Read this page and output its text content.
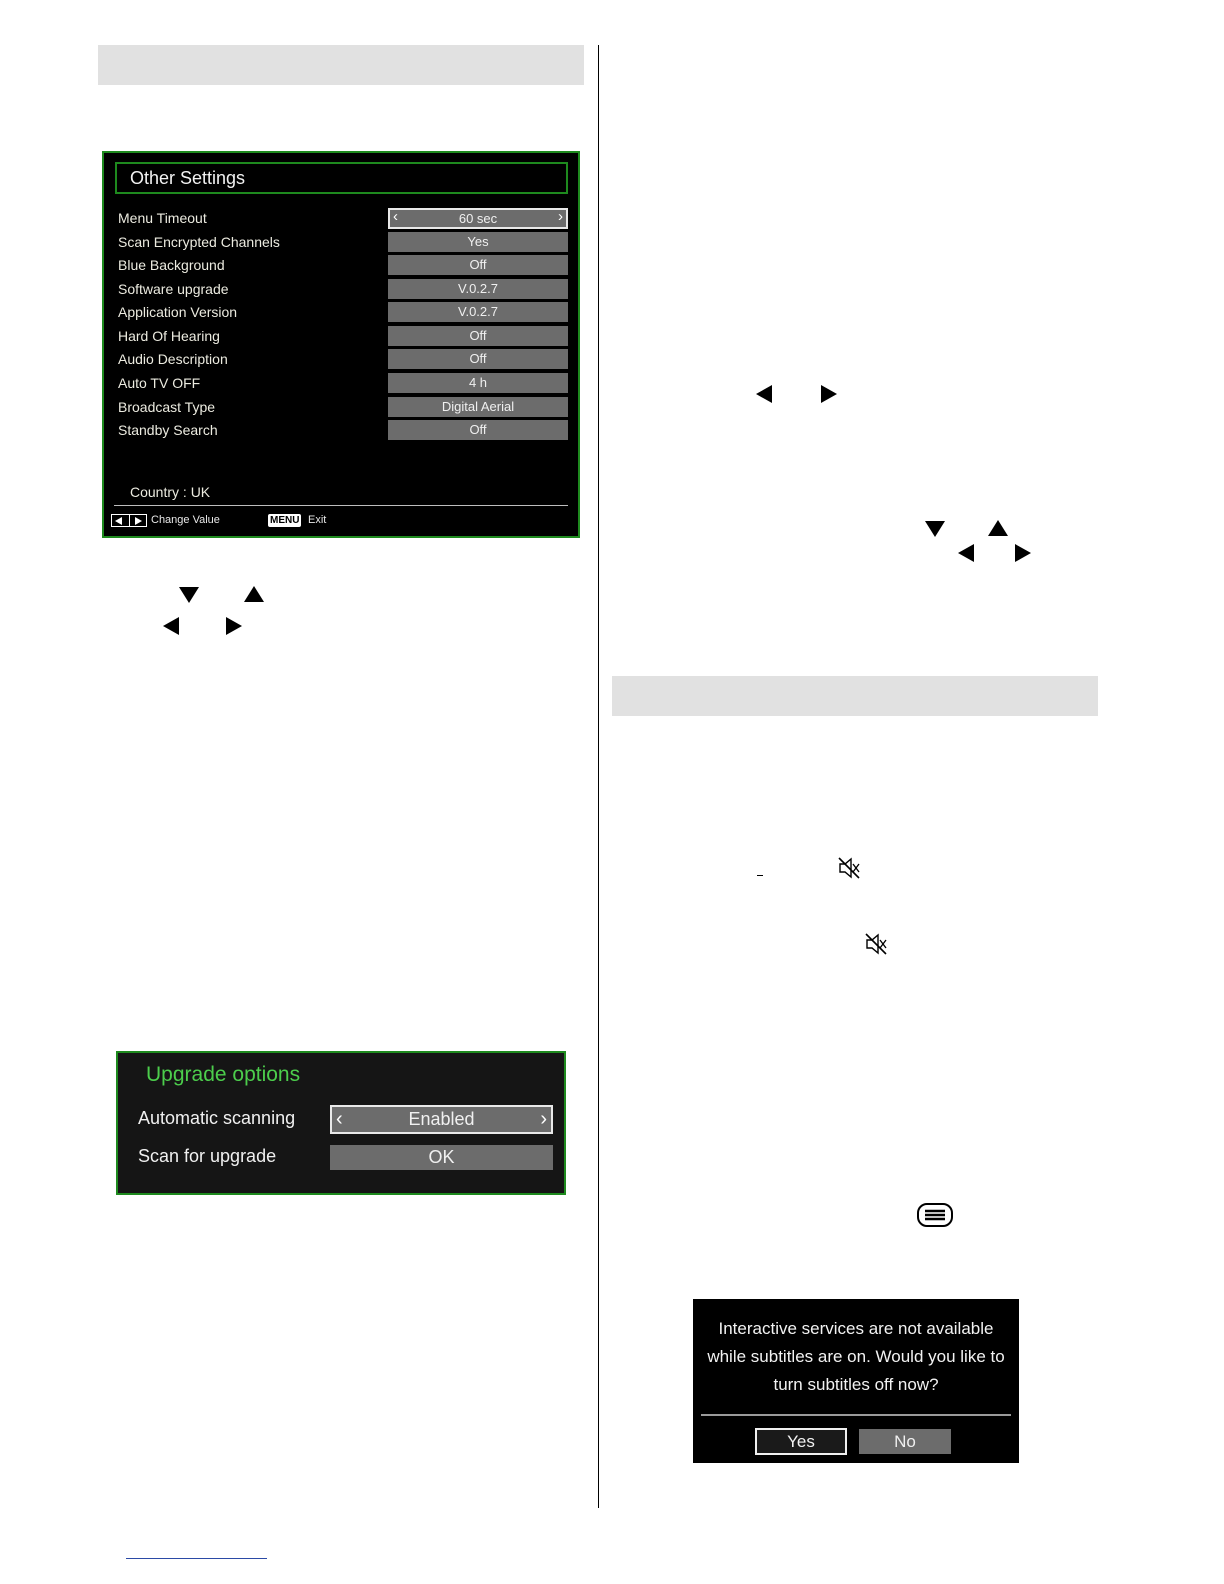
Other Settings
Menu Timeout	‹	60 sec	›
Scan Encrypted Channels	Yes
Blue Background	Off
Software upgrade	V.0.2.7
Application Version	V.0.2.7
Hard Of Hearing	Off
Audio Description	Off
Auto TV OFF	4 h
Broadcast Type	Digital Aerial
Standby Search	Off
Country : UK
Change Value	MENU Exit
Upgrade options
Automatic scanning ‹	Enabled	›
Scan for upgrade	OK
Interactive services are not available while subtitles are on. Would you like to turn subtitles off now?
Yes	No
